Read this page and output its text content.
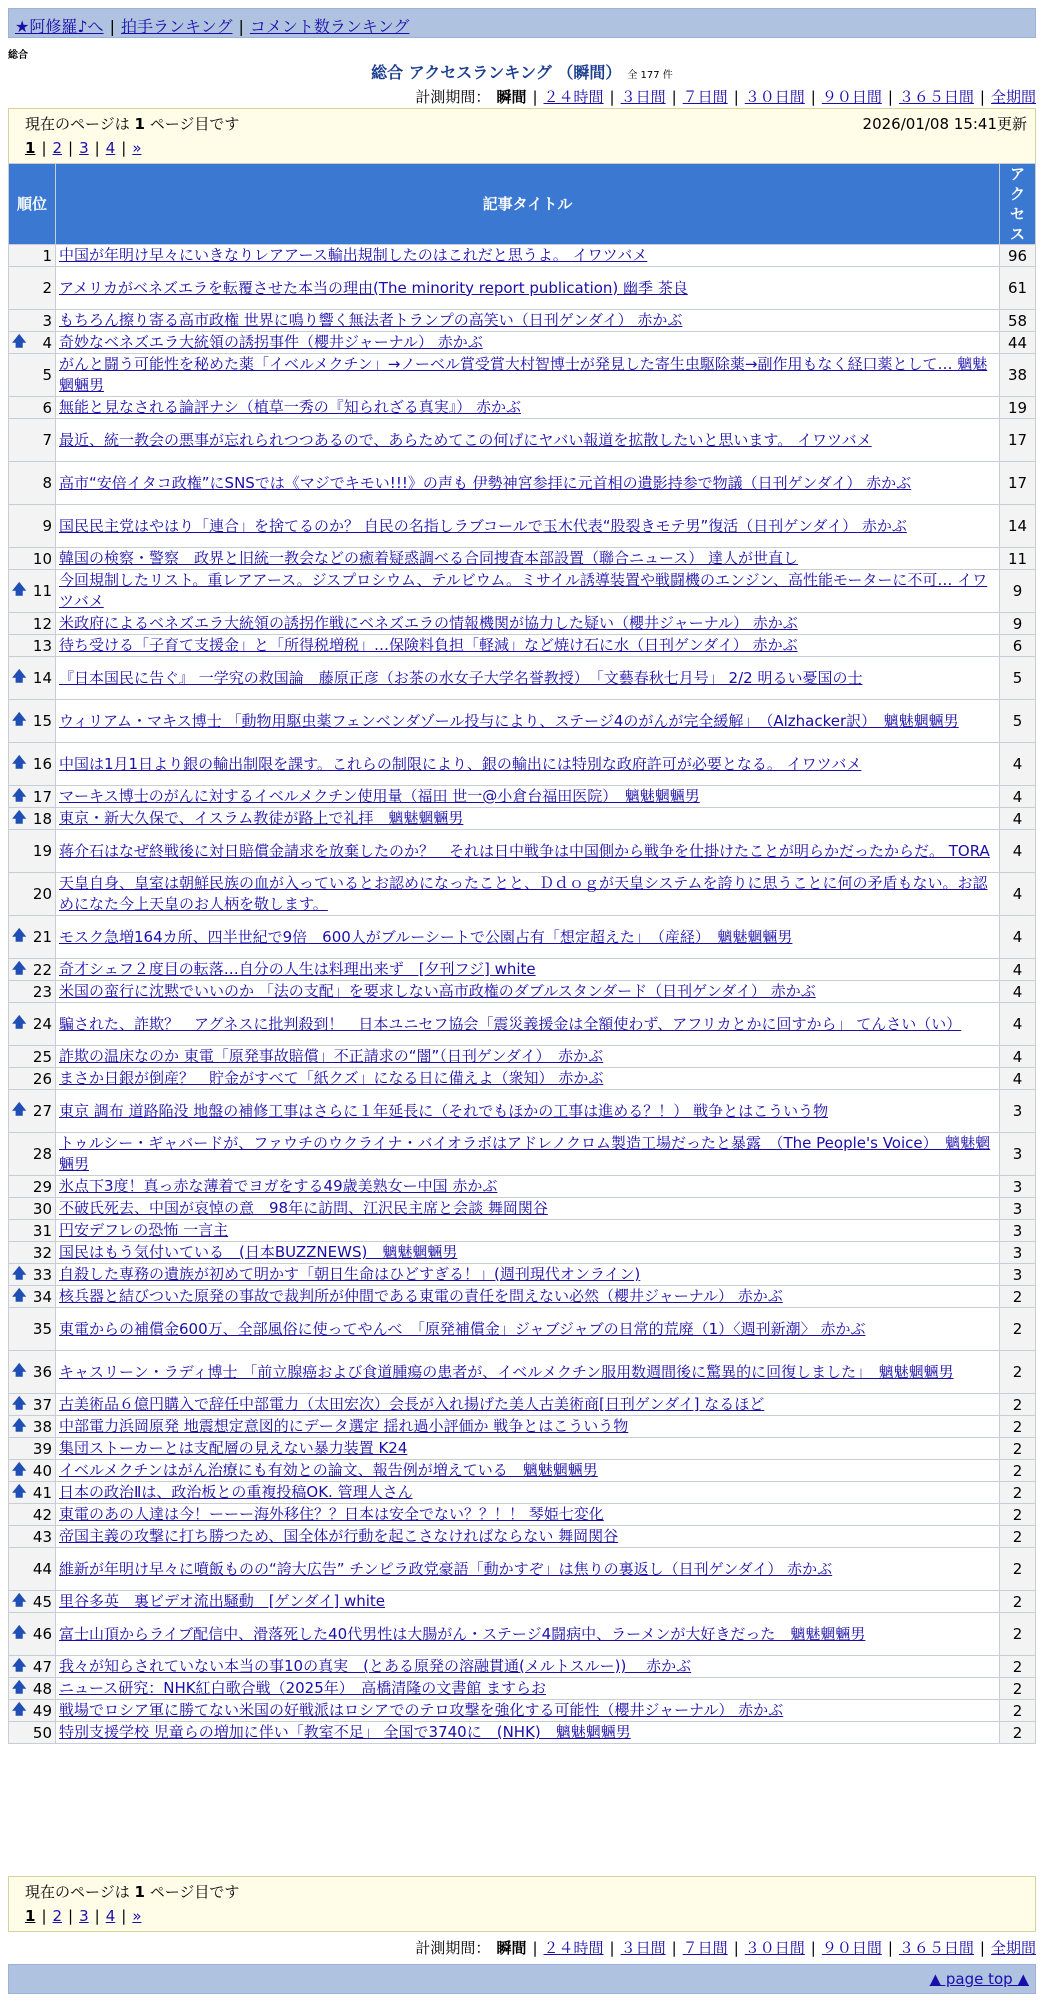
★阿修羅♪へ | 拍手ランキング | コメント数ランキング
総合
総合 アクセスランキング （瞬間） 全 177 件
計測期間： 瞬間 | ２４時間 | ３日間 | ７日間 | ３０日間 | ９０日間 | ３６５日間 | 全期間
現在のページは 1 ページ目です	2026/01/08 15:41更新
1 | 2 | 3 | 4 | »
順位	記事タイトル	アクセス
1	中国が年明け早々にいきなりレアアース輸出規制したのはこれだと思うよ。 イワツバメ	96
2	アメリカがベネズエラを転覆させた本当の理由(The minority report publication) 幽季 茶良	61
3	もちろん擦り寄る高市政権 世界に鳴り響く無法者トランプの高笑い（日刊ゲンダイ） 赤かぶ	58

🡅 4	奇妙なベネズエラ大統領の誘拐事件（櫻井ジャーナル） 赤かぶ	44
5	がんと闘う可能性を秘めた薬「イベルメクチン」→ノーベル賞受賞大村智博士が発見した寄生虫駆除薬→副作用もなく経口薬として… 魑魅魍魎男	38
6	無能と見なされる論評ナシ（植草一秀の『知られざる真実』） 赤かぶ	19
7	最近、統一教会の悪事が忘れられつつあるので、あらためてこの何げにヤバい報道を拡散したいと思います。 イワツバメ	17
8	高市“安倍イタコ政権”にSNSでは《マジでキモい!!!》の声も 伊勢神宮参拝に元首相の遺影持参で物議（日刊ゲンダイ） 赤かぶ	17
9	国民民主党はやはり「連合」を捨てるのか？ 自民の名指しラブコールで玉木代表“股裂きモテ男”復活（日刊ゲンダイ） 赤かぶ	14
10	韓国の検察・警察　政界と旧統一教会などの癒着疑惑調べる合同捜査本部設置（聯合ニュース） 達人が世直し	11

🡅 11	今回規制したリスト。重レアアース。ジスプロシウム、テルビウム。ミサイル誘導装置や戦闘機のエンジン、高性能モーターに不可… イワツバメ	9
12	米政府によるベネズエラ大統領の誘拐作戦にベネズエラの情報機関が協力した疑い（櫻井ジャーナル） 赤かぶ	9
13	待ち受ける「子育て支援金」と「所得税増税」…保険料負担「軽減」など焼け石に水（日刊ゲンダイ） 赤かぶ	6

🡅 14	『日本国民に告ぐ』 一学究の救国論　藤原正彦（お茶の水女子大学名誉教授）　「文藝春秋七月号」 2/2 明るい憂国の士	5

🡅 15	ウィリアム・マキス博士 「動物用駆虫薬フェンベンダゾール投与により、ステージ4のがんが完全緩解」　（Alzhacker訳）　魑魅魍魎男	5

🡅 16	中国は1月1日より銀の輸出制限を課す。これらの制限により、銀の輸出には特別な政府許可が必要となる。 イワツバメ	4

🡅 17	マーキス博士のがんに対するイベルメクチン使用量（福田 世一@小倉台福田医院）　魑魅魍魎男	4

🡅 18	東京・新大久保で、イスラム教徒が路上で礼拝　魑魅魍魎男	4
19	蒋介石はなぜ終戦後に対日賠償金請求を放棄したのか？　それは日中戦争は中国側から戦争を仕掛けたことが明らかだったからだ。 TORA	4
20	天皇自身、皇室は朝鮮民族の血が入っているとお認めになったことと、Ｄｄｏｇが天皇システムを誇りに思うことに何の矛盾もない。お認めになた今上天皇のお人柄を敬します。	4

🡅 21	モスク急増164カ所、四半世紀で9倍　600人がブルーシートで公園占有「想定超えた」　（産経）　魑魅魍魎男	4

🡅 22	奇才シェフ２度目の転落…自分の人生は料理出来ず　[夕刊フジ] white	4
23	米国の蛮行に沈黙でいいのか 「法の支配」を要求しない高市政権のダブルスタンダード（日刊ゲンダイ） 赤かぶ	4

🡅 24	騙された、詐欺？　アグネスに批判殺到！　日本ユニセフ協会「震災義援金は全額使わず、アフリカとかに回すから」 てんさい（い）	4
25	詐欺の温床なのか 東電「原発事故賠償」不正請求の“闇”（日刊ゲンダイ）　赤かぶ	4
26	まさか日銀が倒産？　貯金がすべて「紙クズ」になる日に備えよ（衆知） 赤かぶ	4

🡅 27	東京 調布 道路陥没 地盤の補修工事はさらに１年延長に（それでもほかの工事は進める？！） 戦争とはこういう物	3
28	トゥルシー・ギャバードが、ファウチのウクライナ・バイオラボはアドレノクロム製造工場だったと暴露　（The People's Voice）　魑魅魍魎男	3
29	氷点下3度！真っ赤な薄着でヨガをする49歳美熟女ー中国 赤かぶ	3
30	不破氏死去、中国が哀悼の意　98年に訪問、江沢民主席と会談 舞岡関谷	3
31	円安デフレの恐怖 一言主	3
32	国民はもう気付いている　(日本BUZZNEWS)　魑魅魍魎男	3

🡅 33	自殺した専務の遺族が初めて明かす「朝日生命はひどすぎる！」(週刊現代オンライン)	3

🡅 34	核兵器と結びついた原発の事故で裁判所が仲間である東電の責任を問えない必然（櫻井ジャーナル） 赤かぶ	2
35	東電からの補償金600万、全部風俗に使ってやんべ　「原発補償金」ジャブジャブの日常的荒廃（1）〈週刊新潮〉 赤かぶ	2

🡅 36	キャスリーン・ラディ博士 「前立腺癌および食道腫瘍の患者が、イベルメクチン服用数週間後に驚異的に回復しました」　魑魅魍魎男	2

🡅 37	古美術品６億円購入で辞任中部電力（太田宏次）会長が入れ揚げた美人古美術商[日刊ゲンダイ] なるほど	2

🡅 38	中部電力浜岡原発 地震想定意図的にデータ選定 揺れ過小評価か 戦争とはこういう物	2
39	集団ストーカーとは支配層の見えない暴力装置 K24	2

🡅 40	イベルメクチンはがん治療にも有効との論文、報告例が増えている　魑魅魍魎男	2

🡅 41	日本の政治Ⅱは、政治板との重複投稿OK. 管理人さん	2
42	東電のあの人達は今！ーーー海外移住？？日本は安全でない？？！！ 琴姫七変化	2
43	帝国主義の攻撃に打ち勝つため、国全体が行動を起こさなければならない 舞岡関谷	2
44	維新が年明け早々に噴飯ものの“誇大広告” チンピラ政党豪語「動かすぞ」は焦りの裏返し（日刊ゲンダイ） 赤かぶ	2

🡅 45	里谷多英　裏ビデオ流出騒動　[ゲンダイ] white	2

🡅 46	富士山頂からライブ配信中、滑落死した40代男性は大腸がん・ステージ4闘病中、ラーメンが大好きだった　魑魅魍魎男	2

🡅 47	我々が知らされていない本当の事10の真実　(とある原発の溶融貫通(メルトスルー))　 赤かぶ	2

🡅 48	ニュース研究：NHK紅白歌合戦（2025年）　高橋清隆の文書館 ますらお	2

🡅 49	戦場でロシア軍に勝てない米国の好戦派はロシアでのテロ攻撃を強化する可能性（櫻井ジャーナル） 赤かぶ	2
50	特別支援学校 児童らの増加に伴い「教室不足」 全国で3740に　(NHK)　魑魅魍魎男	2
現在のページは 1 ページ目です
1 | 2 | 3 | 4 | »
計測期間： 瞬間 | ２４時間 | ３日間 | ７日間 | ３０日間 | ９０日間 | ３６５日間 | 全期間
▲ page top ▲
